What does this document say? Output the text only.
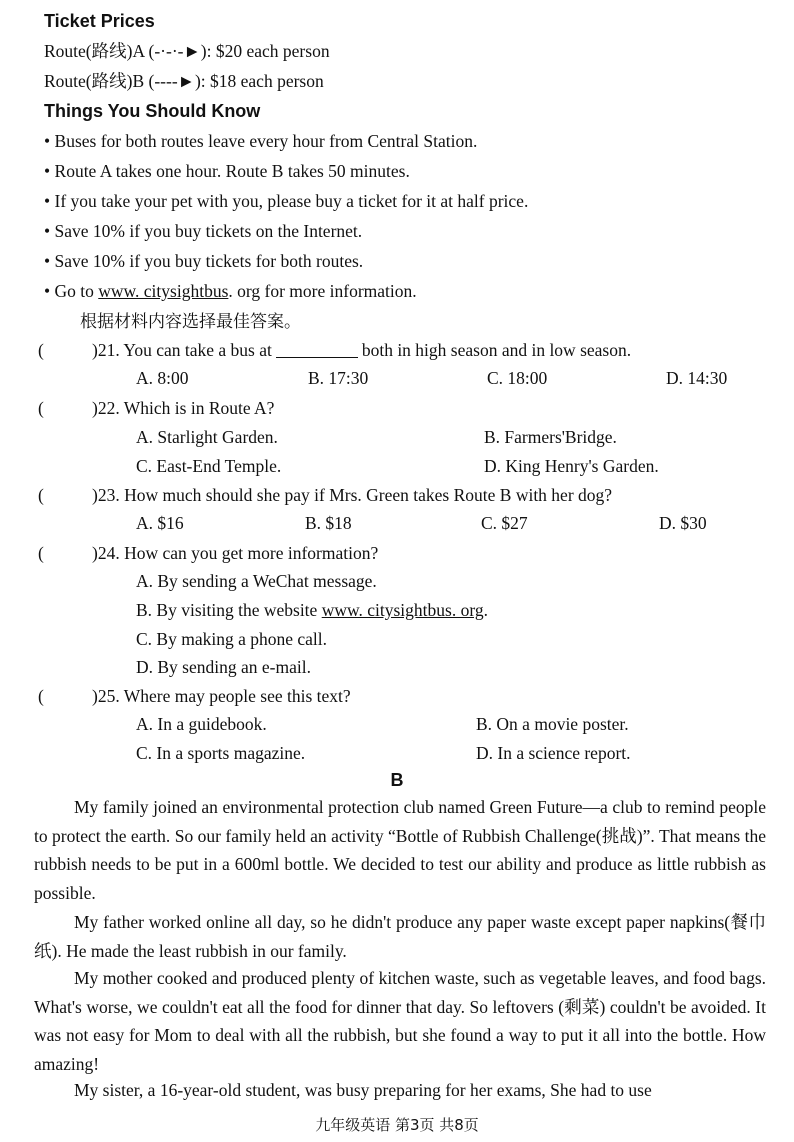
Ticket Prices
Route(路线)A (-·-·-►): $20 each person
Route(路线)B (----►): $18 each person
Things You Should Know
• Buses for both routes leave every hour from Central Station.
• Route A takes one hour. Route B takes 50 minutes.
• If you take your pet with you, please buy a ticket for it at half price.
• Save 10% if you buy tickets on the Internet.
• Save 10% if you buy tickets for both routes.
• Go to www. citysightbus. org for more information.
根据材料内容选择最佳答案。
(	)21. You can take a bus at	both in high season and in low season.
A. 8:00	B. 17:30	C. 18:00	D. 14:30
(	)22. Which is in Route A?
A. Starlight Garden.	B. Farmers'Bridge.
C. East-End Temple.	D. King Henry's Garden.
(	)23. How much should she pay if Mrs. Green takes Route B with her dog?
A. $16	B. $18	C. $27	D. $30
(	)24. How can you get more information?
A. By sending a WeChat message.
B. By visiting the website www. citysightbus. org.
C. By making a phone call.
D. By sending an e-mail.
(	)25. Where may people see this text?
A. In a guidebook.	B. On a movie poster.
C. In a sports magazine.	D. In a science report.
B
My family joined an environmental protection club named Green Future—a club to remind people to protect the earth. So our family held an activity “Bottle of Rubbish Challenge(挑战)”. That means the rubbish needs to be put in a 600ml bottle. We decided to test our ability and produce as little rubbish as possible.
My father worked online all day, so he didn't produce any paper waste except paper napkins(餐巾纸). He made the least rubbish in our family.
My mother cooked and produced plenty of kitchen waste, such as vegetable leaves, and food bags. What's worse, we couldn't eat all the food for dinner that day. So leftovers (剩菜) couldn't be avoided. It was not easy for Mom to deal with all the rubbish, but she found a way to put it all into the bottle. How amazing!
My sister, a 16-year-old student, was busy preparing for her exams, She had to use
九年级英语 第3页 共8页
